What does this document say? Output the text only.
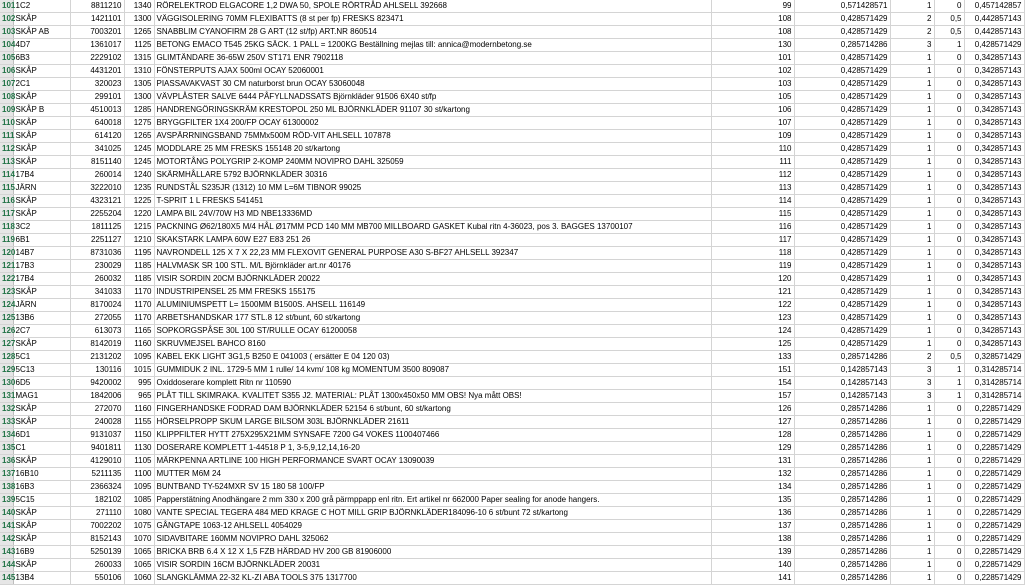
101	1C2	8811210	1340	RÖRELEKTROD ELGACORE 1,2 DWA 50, SPOLE RÖRTRÅD AHLSELL 392668	99	0,571428571	1	0	0,457142857
102	SKÅP	1421101	1300	VÄGGISOLERING 70MM FLEXIBATTS (8 st per fp) FRESKS 823471	108	0,428571429	2	0,5	0,442857143
103	SKÅP AB	7003201	1265	SNABBLIM CYANOFIRM 28 G ART (12 st/fp) ART.NR 860514	108	0,428571429	2	0,5	0,442857143
104	4D7	1361017	1125	BETONG EMACO T545 25KG SÄCK. 1 PALL = 1200KG Beställning mejlas till: annica@modernbetong.se	130	0,285714286	3	1	0,428571429
105	6B3	2229102	1315	GLIMTÄNDARE 36-65W 250V ST171 ENR 7902118	101	0,428571429	1	0	0,342857143
106	SKÅP	4431201	1310	FÖNSTERPUTS AJAX 500ml OCAY 52060001	102	0,428571429	1	0	0,342857143
107	2C1	320023	1305	PIASSAVAKVAST 30 CM naturborst brun OCAY 53060048	103	0,428571429	1	0	0,342857143
108	SKÅP	299101	1300	VÄVPLÅSTER SALVE 6444 PÅFYLLNADSSATS Björnkläder 91506 6X40 st/fp	105	0,428571429	1	0	0,342857143
109	SKÅP B	4510013	1285	HANDRENGÖRINGSKRÄM KRESTOPOL 250 ML BJÖRNKLÄDER 91107 30 st/kartong	106	0,428571429	1	0	0,342857143
110	SKÅP	640018	1275	BRYGGFILTER 1X4 200/FP OCAY 61300002	107	0,428571429	1	0	0,342857143
111	SKÅP	614120	1265	AVSPÄRRNINGSBAND 75MMx500M RÖD-VIT AHLSELL 107878	109	0,428571429	1	0	0,342857143
112	SKÅP	341025	1245	MODDLARE 25 MM FRESKS 155148 20 st/kartong	110	0,428571429	1	0	0,342857143
113	SKÅP	8151140	1245	MOTORTÅNG POLYGRIP 2-KOMP 240MM NOVIPRO DAHL 325059	111	0,428571429	1	0	0,342857143
114	17B4	260014	1240	SKÄRMHÅLLARE 5792 BJÖRNKLÄDER 30316	112	0,428571429	1	0	0,342857143
115	JÄRN	3222010	1235	RUNDSTÅL S235JR (1312) 10 MM L=6M TIBNOR 99025	113	0,428571429	1	0	0,342857143
116	SKÅP	4323121	1225	T-SPRIT 1 L FRESKS 541451	114	0,428571429	1	0	0,342857143
117	SKÅP	2255204	1220	LAMPA BIL 24V/70W H3 MD NBE13336MD	115	0,428571429	1	0	0,342857143
118	3C2	1811125	1215	PACKNING Ø62/180X5 M/4 HÅL Ø17MM PCD 140 MM MB700 MILLBOARD GASKET Kubal ritn 4-36023, pos 3. BAGGES 13700107	116	0,428571429	1	0	0,342857143
119	6B1	2251127	1210	SKAKSTARK LAMPA 60W E27 E83 251 26	117	0,428571429	1	0	0,342857143
120	14B7	8731036	1195	NAVRONDELL 125 X 7 X 22,23 MM FLEXOVIT GENERAL PURPOSE A30 S-BF27 AHLSELL 392347	118	0,428571429	1	0	0,342857143
121	17B3	230029	1185	HALVMASK SR 100 STL. M/L Björnkläder art.nr 40176	119	0,428571429	1	0	0,342857143
122	17B4	260032	1185	VISIR SORDIN 20CM BJÖRNKLÄDER 20022	120	0,428571429	1	0	0,342857143
123	SKÅP	341033	1170	INDUSTRIPENSEL 25 MM FRESKS 155175	121	0,428571429	1	0	0,342857143
124	JÄRN	8170024	1170	ALUMINIUMSPETT L= 1500MM B1500S. AHSELL 116149	122	0,428571429	1	0	0,342857143
125	13B6	272055	1170	ARBETSHANDSKAR 177 STL.8 12 st/bunt, 60 st/kartong	123	0,428571429	1	0	0,342857143
126	2C7	613073	1165	SOPKORGSPÅSE 30L 100 ST/RULLE OCAY 61200058	124	0,428571429	1	0	0,342857143
127	SKÅP	8142019	1160	SKRUVMEJSEL BAHCO 8160	125	0,428571429	1	0	0,342857143
128	5C1	2131202	1095	KABEL EKK LIGHT 3G1,5 B250 E 041003 ( ersätter E 04 120 03)	133	0,285714286	2	0,5	0,328571429
129	5C13	130116	1015	GUMMIDUK 2 INL. 1729-5 MM 1 rulle/ 14 kvm/ 108 kg MOMENTUM 3500 809087	151	0,142857143	3	1	0,314285714
130	6D5	9420002	995	Oxiddoserare komplett Ritn nr 110590	154	0,142857143	3	1	0,314285714
131	MAG1	1842006	965	PLÅT TILL SKIMRAKA. KVALITET S355 J2. MATERIAL: PLÅT 1300x450x50 MM OBS! Nya mått OBS!	157	0,142857143	3	1	0,314285714
132	SKÅP	272070	1160	FINGERHANDSKE FODRAD DAM BJÖRNKLÄDER 52154 6 st/bunt, 60 st/kartong	126	0,285714286	1	0	0,228571429
133	SKÅP	240028	1155	HÖRSELPROPP SKUM LARGE BILSOM 303L BJÖRNKLÄDER 21611	127	0,285714286	1	0	0,228571429
134	6D1	9131037	1150	KLIPPFILTER HYTT 275X295X21MM SYNSAFE 7200 G4 VOKES 1100407466	128	0,285714286	1	0	0,228571429
135	C1	9401811	1130	DOSERARE KOMPLETT 1-44518 P 1, 3-5,9,12,14,16-20	129	0,285714286	1	0	0,228571429
136	SKÅP	4129010	1105	MÄRKPENNA ARTLINE 100 HIGH PERFORMANCE SVART OCAY 13090039	131	0,285714286	1	0	0,228571429
137	16B10	5211135	1100	MUTTER M6M 24	132	0,285714286	1	0	0,228571429
138	16B3	2366324	1095	BUNTBAND TY-524MXR SV 15 180 58 100/FP	134	0,285714286	1	0	0,228571429
139	5C15	182102	1085	Papperstätning Anodhängare 2 mm 330 x 200 grå pärmppapp enl ritn. Ert artikel nr 662000 Paper sealing for anode hangers.	135	0,285714286	1	0	0,228571429
140	SKÅP	271110	1080	VANTE SPECIAL TEGERA 484 MED KRAGE C HOT MILL GRIP BJÖRNKLÄDER184096-10 6 st/bunt 72 st/kartong	136	0,285714286	1	0	0,228571429
141	SKÅP	7002202	1075	GÅNGTAPE 1063-12 AHLSELL 4054029	137	0,285714286	1	0	0,228571429
142	SKÅP	8152143	1070	SIDAVBITARE 160MM NOVIPRO DAHL 325062	138	0,285714286	1	0	0,228571429
143	16B9	5250139	1065	BRICKA BRB 6.4 X 12 X 1,5 FZB HÄRDAD HV 200 GB 81906000	139	0,285714286	1	0	0,228571429
144	SKÅP	260033	1065	VISIR SORDIN 16CM BJÖRNKLÄDER 20031	140	0,285714286	1	0	0,228571429
145	13B4	550106	1060	SLANGKLÄMMA 22-32 KL-ZI ABA TOOLS 375 1317700	141	0,285714286	1	0	0,228571429
